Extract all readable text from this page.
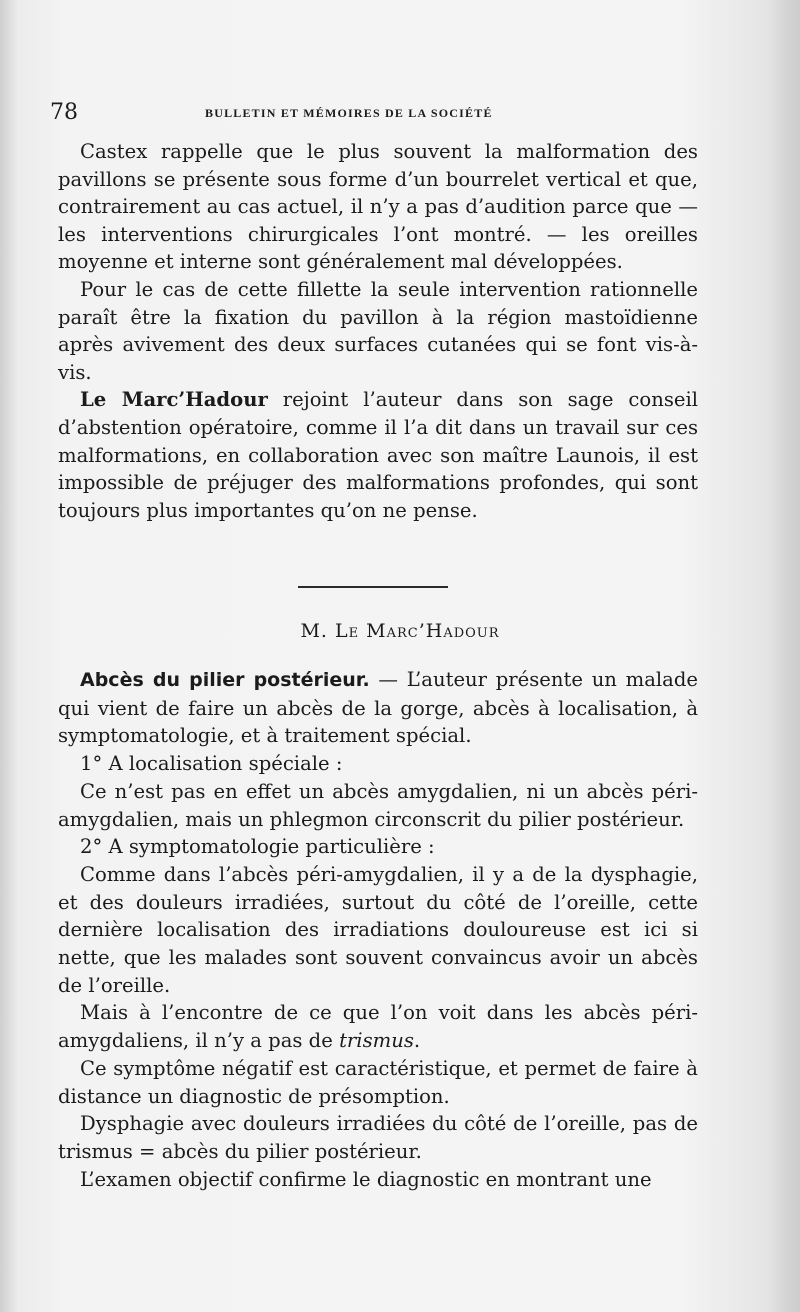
78	BULLETIN ET MÉMOIRES DE LA SOCIÉTÉ

Castex rappelle que le plus souvent la malformation des pavillons se présente sous forme d’un bourrelet vertical et que, contrairement au cas actuel, il n’y a pas d’audition parce que — les interventions chirurgicales l’ont montré. — les oreilles moyenne et interne sont généralement mal développées.

Pour le cas de cette fillette la seule intervention rationnelle paraît être la fixation du pavillon à la région mastoïdienne après avivement des deux surfaces cutanées qui se font vis-à-vis.

Le Marc’Hadour rejoint l’auteur dans son sage conseil d’abstention opératoire, comme il l’a dit dans un travail sur ces malformations, en collaboration avec son maître Launois, il est impossible de préjuger des malformations profondes, qui sont toujours plus importantes qu’on ne pense.

M. Le Marc’Hadour

Abcès du pilier postérieur. — L’auteur présente un malade qui vient de faire un abcès de la gorge, abcès à localisation, à symptomatologie, et à traitement spécial.

1° A localisation spéciale :

Ce n’est pas en effet un abcès amygdalien, ni un abcès péri-amygdalien, mais un phlegmon circonscrit du pilier postérieur.

2° A symptomatologie particulière :

Comme dans l’abcès péri-amygdalien, il y a de la dysphagie, et des douleurs irradiées, surtout du côté de l’oreille, cette dernière localisation des irradiations douloureuse est ici si nette, que les malades sont souvent convaincus avoir un abcès de l’oreille.

Mais à l’encontre de ce que l’on voit dans les abcès péri-amygdaliens, il n’y a pas de trismus.

Ce symptôme négatif est caractéristique, et permet de faire à distance un diagnostic de présomption.

Dysphagie avec douleurs irradiées du côté de l’oreille, pas de trismus = abcès du pilier postérieur.

L’examen objectif confirme le diagnostic en montrant une
